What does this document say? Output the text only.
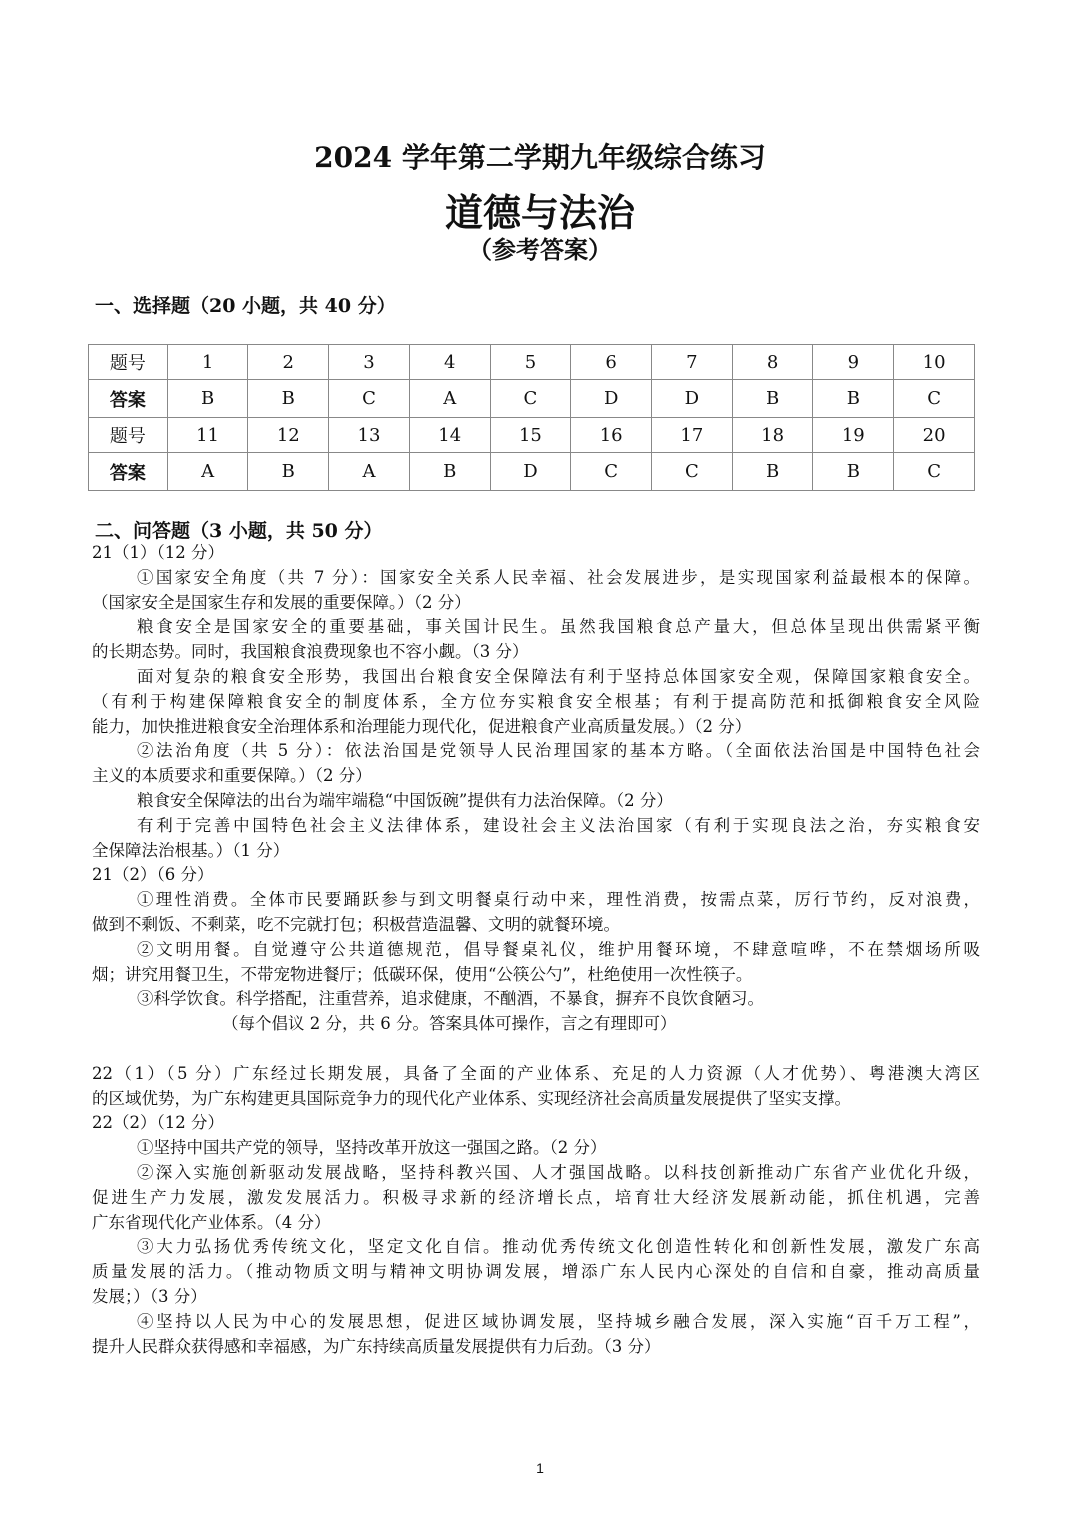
2024 学年第二学期九年级综合练习
道德与法治
（参考答案）
一、选择题（20 小题，共 40 分）
题号	1	2	3	4	5	6	7	8	9	10
答案	B	B	C	A	C	D	D	B	B	C
题号	11	12	13	14	15	16	17	18	19	20
答案	A	B	A	B	D	C	C	B	B	C
二、问答题（3 小题，共 50 分）
21（1）（12 分）
①国家安全角度（共 7 分）：国家安全关系人民幸福、社会发展进步，是实现国家利益最根本的保障。
（国家安全是国家生存和发展的重要保障。）（2 分）
粮食安全是国家安全的重要基础，事关国计民生。虽然我国粮食总产量大，但总体呈现出供需紧平衡
的长期态势。同时，我国粮食浪费现象也不容小觑。（3 分）
面对复杂的粮食安全形势，我国出台粮食安全保障法有利于坚持总体国家安全观，保障国家粮食安全。
（有利于构建保障粮食安全的制度体系，全方位夯实粮食安全根基；有利于提高防范和抵御粮食安全风险
能力，加快推进粮食安全治理体系和治理能力现代化，促进粮食产业高质量发展。）（2 分）
②法治角度（共 5 分）：依法治国是党领导人民治理国家的基本方略。（全面依法治国是中国特色社会
主义的本质要求和重要保障。）（2 分）
粮食安全保障法的出台为端牢端稳“中国饭碗”提供有力法治保障。（2 分）
有利于完善中国特色社会主义法律体系，建设社会主义法治国家（有利于实现良法之治，夯实粮食安
全保障法治根基。）（1 分）
21（2）（6 分）
①理性消费。全体市民要踊跃参与到文明餐桌行动中来，理性消费，按需点菜，厉行节约，反对浪费，
做到不剩饭、不剩菜，吃不完就打包；积极营造温馨、文明的就餐环境。
②文明用餐。自觉遵守公共道德规范，倡导餐桌礼仪，维护用餐环境，不肆意喧哗，不在禁烟场所吸
烟；讲究用餐卫生，不带宠物进餐厅；低碳环保，使用“公筷公勺”，杜绝使用一次性筷子。
③科学饮食。科学搭配，注重营养，追求健康，不酗酒，不暴食，摒弃不良饮食陋习。
（每个倡议 2 分，共 6 分。答案具体可操作，言之有理即可）
22（1）（5 分）广东经过长期发展，具备了全面的产业体系、充足的人力资源（人才优势）、粤港澳大湾区
的区域优势，为广东构建更具国际竞争力的现代化产业体系、实现经济社会高质量发展提供了坚实支撑。
22（2）（12 分）
①坚持中国共产党的领导，坚持改革开放这一强国之路。（2 分）
②深入实施创新驱动发展战略，坚持科教兴国、人才强国战略。以科技创新推动广东省产业优化升级，
促进生产力发展，激发发展活力。积极寻求新的经济增长点，培育壮大经济发展新动能，抓住机遇，完善
广东省现代化产业体系。（4 分）
③大力弘扬优秀传统文化，坚定文化自信。推动优秀传统文化创造性转化和创新性发展，激发广东高
质量发展的活力。（推动物质文明与精神文明协调发展，增添广东人民内心深处的自信和自豪，推动高质量
发展；）（3 分）
④坚持以人民为中心的发展思想，促进区域协调发展，坚持城乡融合发展，深入实施“百千万工程”，
提升人民群众获得感和幸福感，为广东持续高质量发展提供有力后劲。（3 分）
1
